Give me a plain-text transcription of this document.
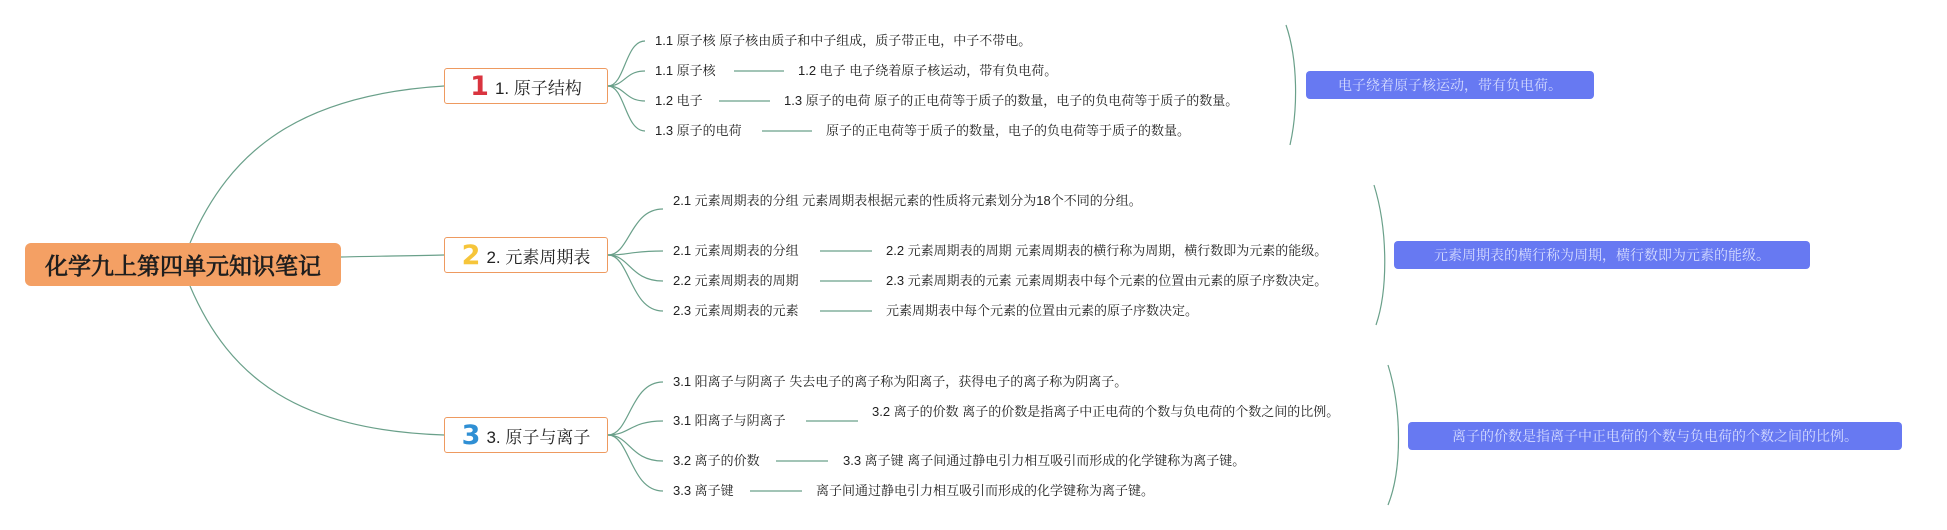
化学九上第四单元知识笔记
1 1. 原子结构
1.1 原子核 原子核由质子和中子组成，质子带正电，中子不带电。
1.1 原子核	1.2 电子 电子绕着原子核运动，带有负电荷。
1.2 电子	1.3 原子的电荷 原子的正电荷等于质子的数量，电子的负电荷等于质子的数量。
1.3 原子的电荷	原子的正电荷等于质子的数量，电子的负电荷等于质子的数量。
电子绕着原子核运动，带有负电荷。
2 2. 元素周期表
2.1 元素周期表的分组 元素周期表根据元素的性质将元素划分为18个不同的分组。
2.1 元素周期表的分组	2.2 元素周期表的周期 元素周期表的横行称为周期，横行数即为元素的能级。
2.2 元素周期表的周期	2.3 元素周期表的元素 元素周期表中每个元素的位置由元素的原子序数决定。
2.3 元素周期表的元素	元素周期表中每个元素的位置由元素的原子序数决定。
元素周期表的横行称为周期，横行数即为元素的能级。
3 3. 原子与离子
3.1 阳离子与阴离子 失去电子的离子称为阳离子，获得电子的离子称为阴离子。
3.1 阳离子与阴离子
3.2 离子的价数 离子的价数是指离子中正电荷的个数与负电荷的个数之间的比例。
3.2 离子的价数	3.3 离子键 离子间通过静电引力相互吸引而形成的化学键称为离子键。
3.3 离子键	离子间通过静电引力相互吸引而形成的化学键称为离子键。
离子的价数是指离子中正电荷的个数与负电荷的个数之间的比例。
